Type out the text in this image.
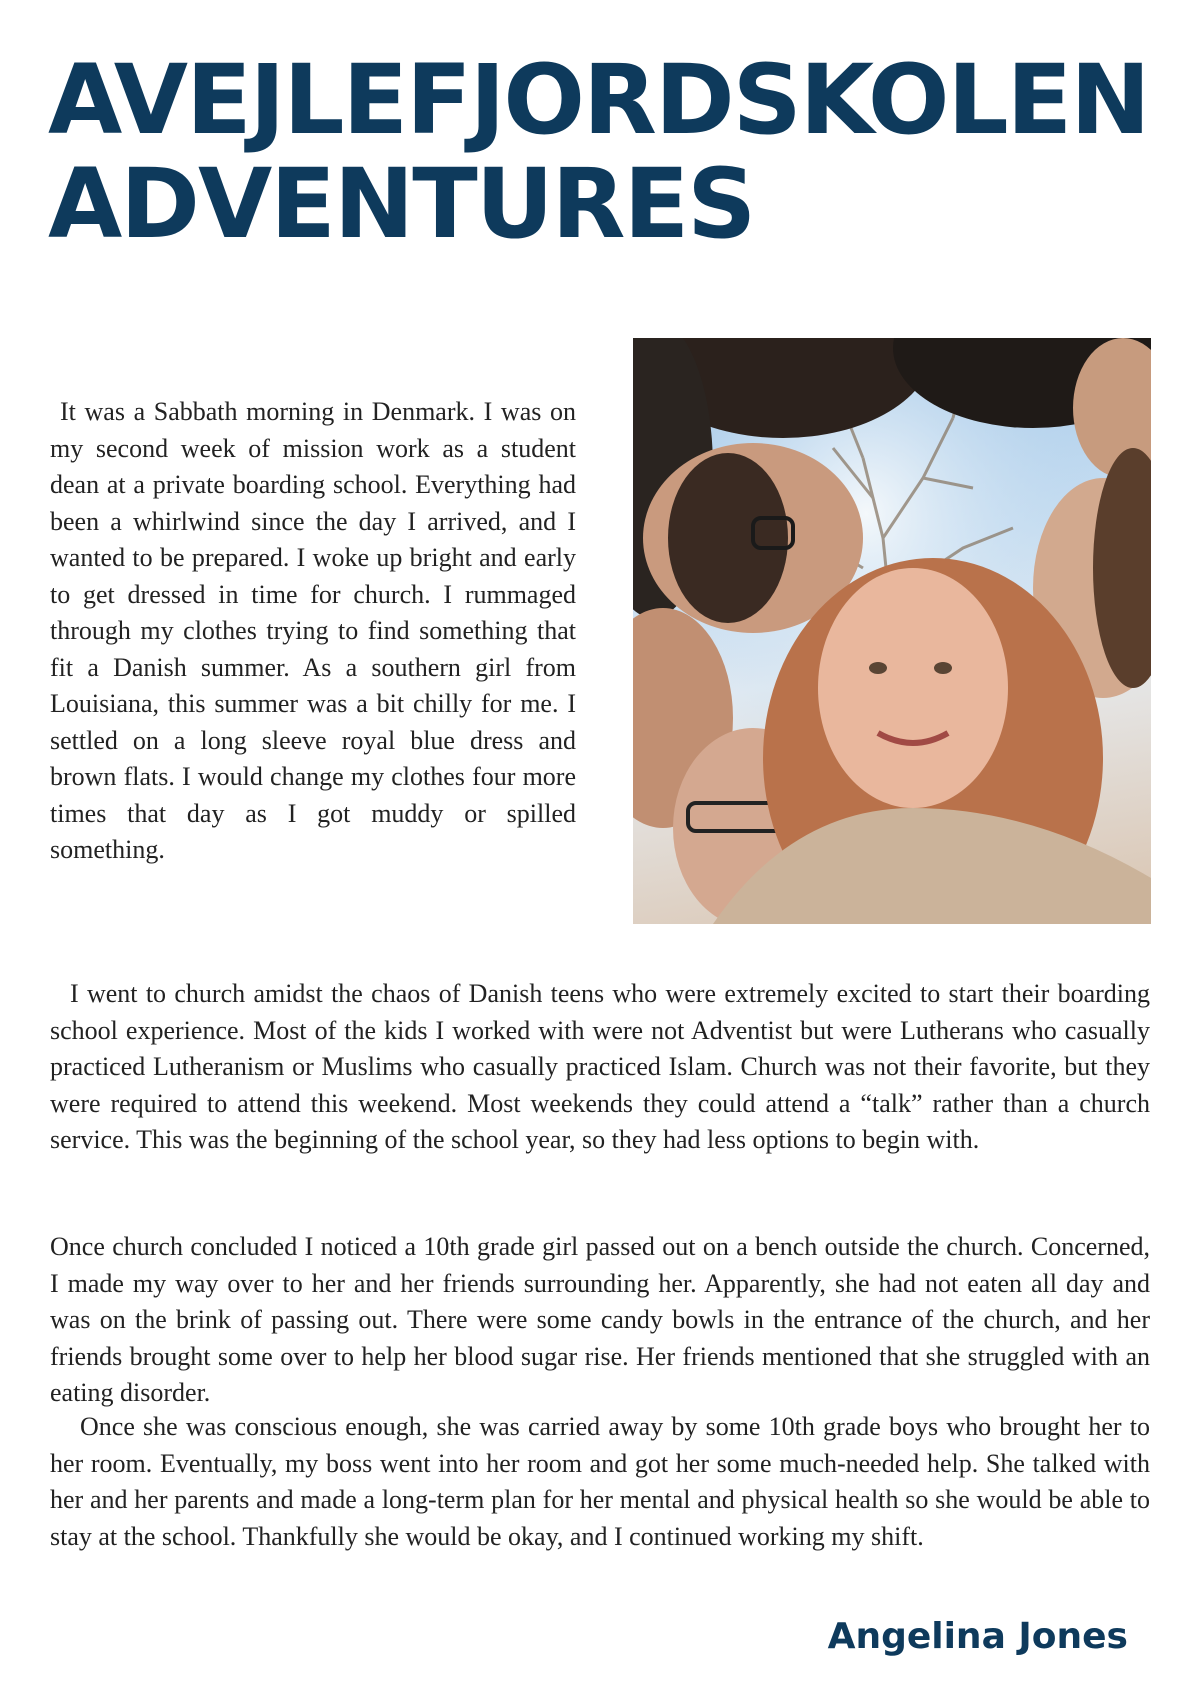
AVEJLEFJORDSKOLEN
ADVENTURES

It was a Sabbath morning in Denmark. I was on my second week of mission work as a student dean at a private boarding school. Everything had been a whirlwind since the day I arrived, and I wanted to be prepared. I woke up bright and early to get dressed in time for church. I rummaged through my clothes trying to find something that fit a Danish summer. As a southern girl from Louisiana, this summer was a bit chilly for me. I settled on a long sleeve royal blue dress and brown flats. I would change my clothes four more times that day as I got muddy or spilled something.

I went to church amidst the chaos of Danish teens who were extremely excited to start their boarding school experience. Most of the kids I worked with were not Adventist but were Lutherans who casually practiced Lutheranism or Muslims who casually practiced Islam. Church was not their favorite, but they were required to attend this weekend. Most weekends they could attend a “talk” rather than a church service. This was the beginning of the school year, so they had less options to begin with.

Once church concluded I noticed a 10th grade girl passed out on a bench outside the church. Concerned, I made my way over to her and her friends surrounding her. Apparently, she had not eaten all day and was on the brink of passing out. There were some candy bowls in the entrance of the church, and her friends brought some over to help her blood sugar rise. Her friends mentioned that she struggled with an eating disorder.

Once she was conscious enough, she was carried away by some 10th grade boys who brought her to her room. Eventually, my boss went into her room and got her some much-needed help. She talked with her and her parents and made a long-term plan for her mental and physical health so she would be able to stay at the school. Thankfully she would be okay, and I continued working my shift.

Angelina Jones
